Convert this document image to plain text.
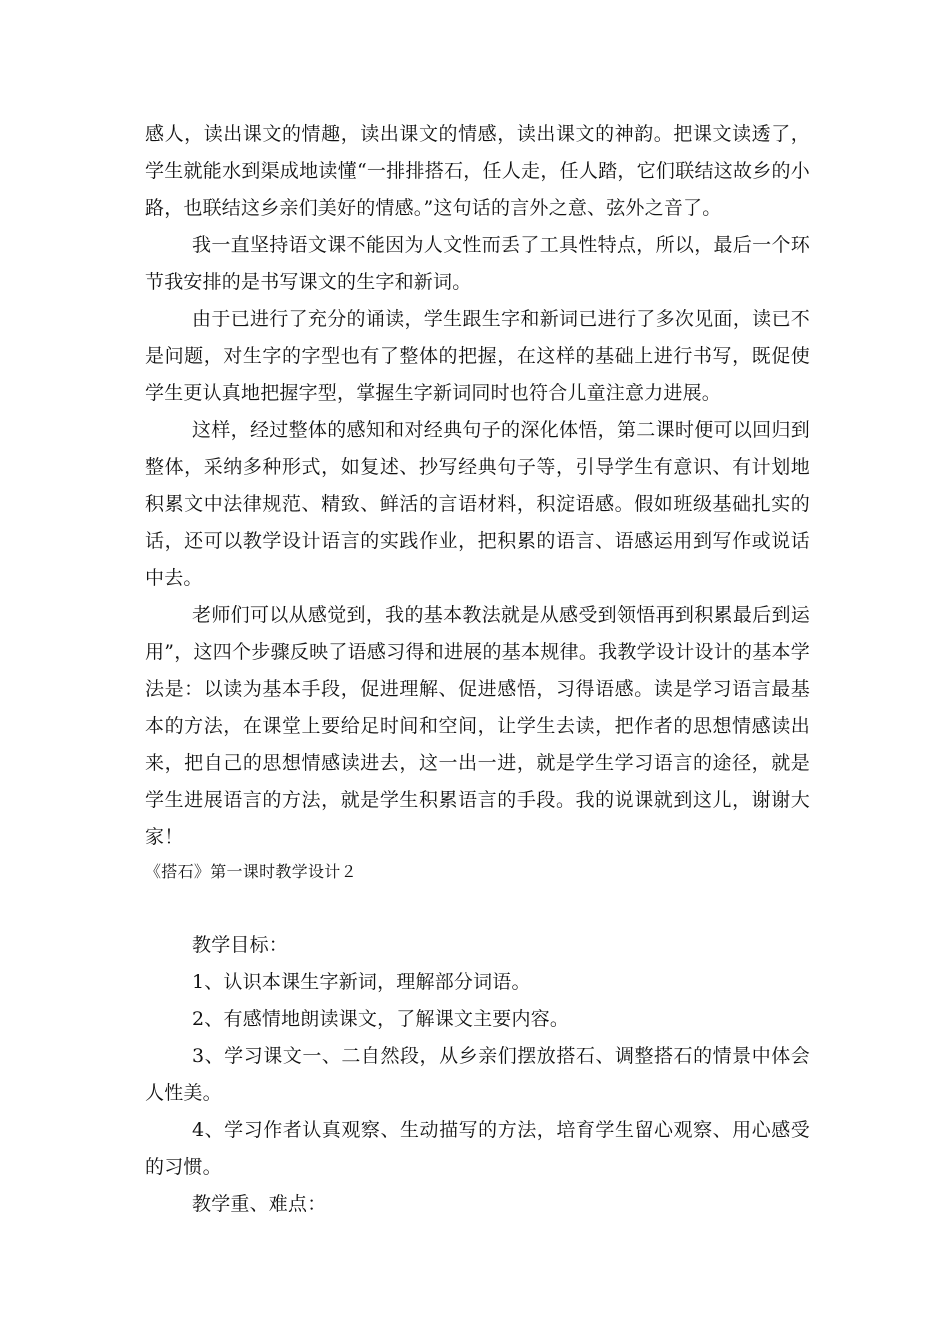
感人，读出课文的情趣，读出课文的情感，读出课文的神韵。把课文读透了，学生就能水到渠成地读懂“一排排搭石，任人走，任人踏，它们联结这故乡的小路，也联结这乡亲们美好的情感。”这句话的言外之意、弦外之音了。

我一直坚持语文课不能因为人文性而丢了工具性特点，所以，最后一个环节我安排的是书写课文的生字和新词。

由于已进行了充分的诵读，学生跟生字和新词已进行了多次见面，读已不是问题，对生字的字型也有了整体的把握，在这样的基础上进行书写，既促使学生更认真地把握字型，掌握生字新词同时也符合儿童注意力进展。

这样，经过整体的感知和对经典句子的深化体悟，第二课时便可以回归到整体，采纳多种形式，如复述、抄写经典句子等，引导学生有意识、有计划地积累文中法律规范、精致、鲜活的言语材料，积淀语感。假如班级基础扎实的话，还可以教学设计语言的实践作业，把积累的语言、语感运用到写作或说话中去。

老师们可以从感觉到，我的基本教法就是从感受到领悟再到积累最后到运用”，这四个步骤反映了语感习得和进展的基本规律。我教学设计设计的基本学法是：以读为基本手段，促进理解、促进感悟，习得语感。读是学习语言最基本的方法，在课堂上要给足时间和空间，让学生去读，把作者的思想情感读出来，把自己的思想情感读进去，这一出一进，就是学生学习语言的途径，就是学生进展语言的方法，就是学生积累语言的手段。我的说课就到这儿，谢谢大家！

《搭石》第一课时教学设计２

教学目标：

1、认识本课生字新词，理解部分词语。

2、有感情地朗读课文，了解课文主要内容。

3、学习课文一、二自然段，从乡亲们摆放搭石、调整搭石的情景中体会人性美。

4、学习作者认真观察、生动描写的方法，培育学生留心观察、用心感受的习惯。

教学重、难点：
